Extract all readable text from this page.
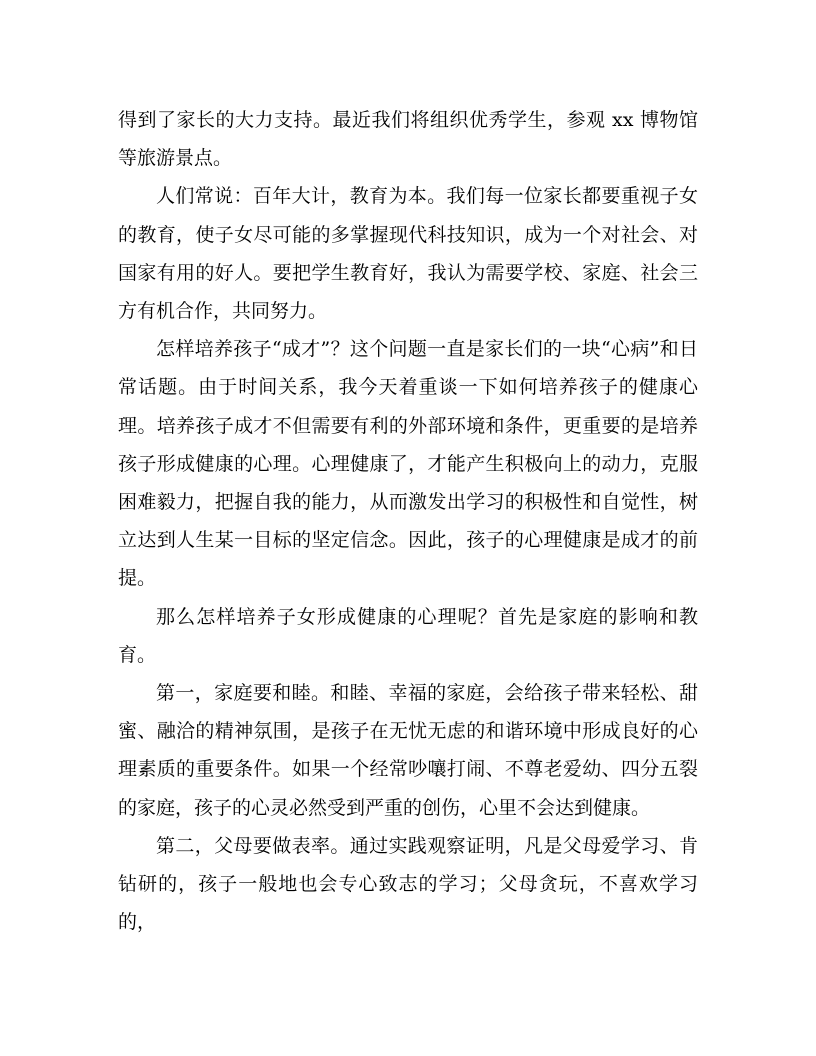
得到了家长的大力支持。最近我们将组织优秀学生，参观 xx 博物馆等旅游景点。

人们常说：百年大计，教育为本。我们每一位家长都要重视子女的教育，使子女尽可能的多掌握现代科技知识，成为一个对社会、对国家有用的好人。要把学生教育好，我认为需要学校、家庭、社会三方有机合作，共同努力。

怎样培养孩子“成才”？这个问题一直是家长们的一块“心病”和日常话题。由于时间关系，我今天着重谈一下如何培养孩子的健康心理。培养孩子成才不但需要有利的外部环境和条件，更重要的是培养孩子形成健康的心理。心理健康了，才能产生积极向上的动力，克服困难毅力，把握自我的能力，从而激发出学习的积极性和自觉性，树立达到人生某一目标的坚定信念。因此，孩子的心理健康是成才的前提。

那么怎样培养子女形成健康的心理呢？首先是家庭的影响和教育。

第一，家庭要和睦。和睦、幸福的家庭，会给孩子带来轻松、甜蜜、融洽的精神氛围，是孩子在无忧无虑的和谐环境中形成良好的心理素质的重要条件。如果一个经常吵嚷打闹、不尊老爱幼、四分五裂的家庭，孩子的心灵必然受到严重的创伤，心里不会达到健康。

第二，父母要做表率。通过实践观察证明，凡是父母爱学习、肯钻研的，孩子一般地也会专心致志的学习；父母贪玩，不喜欢学习的，
